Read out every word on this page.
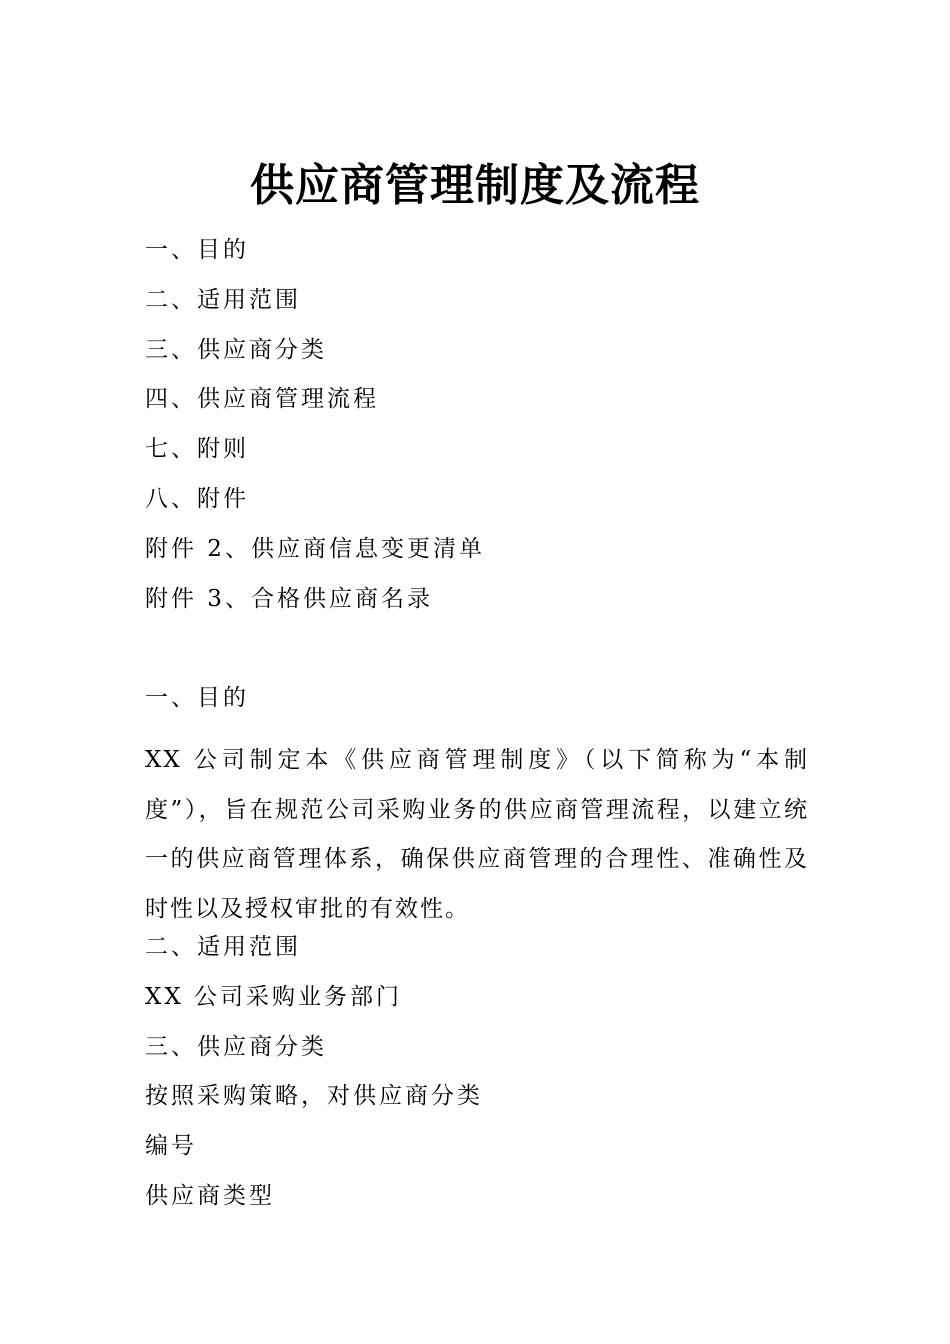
供应商管理制度及流程
一、目的
二、适用范围
三、供应商分类
四、供应商管理流程
七、附则
八、附件
附件 2、供应商信息变更清单
附件 3、合格供应商名录
一、目的

XX 公司制定本《供应商管理制度》（以下简称为“本制度”），旨在规范公司采购业务的供应商管理流程，以建立统一的供应商管理体系，确保供应商管理的合理性、准确性及时性以及授权审批的有效性。

二、适用范围
XX 公司采购业务部门
三、供应商分类
按照采购策略，对供应商分类
编号
供应商类型
